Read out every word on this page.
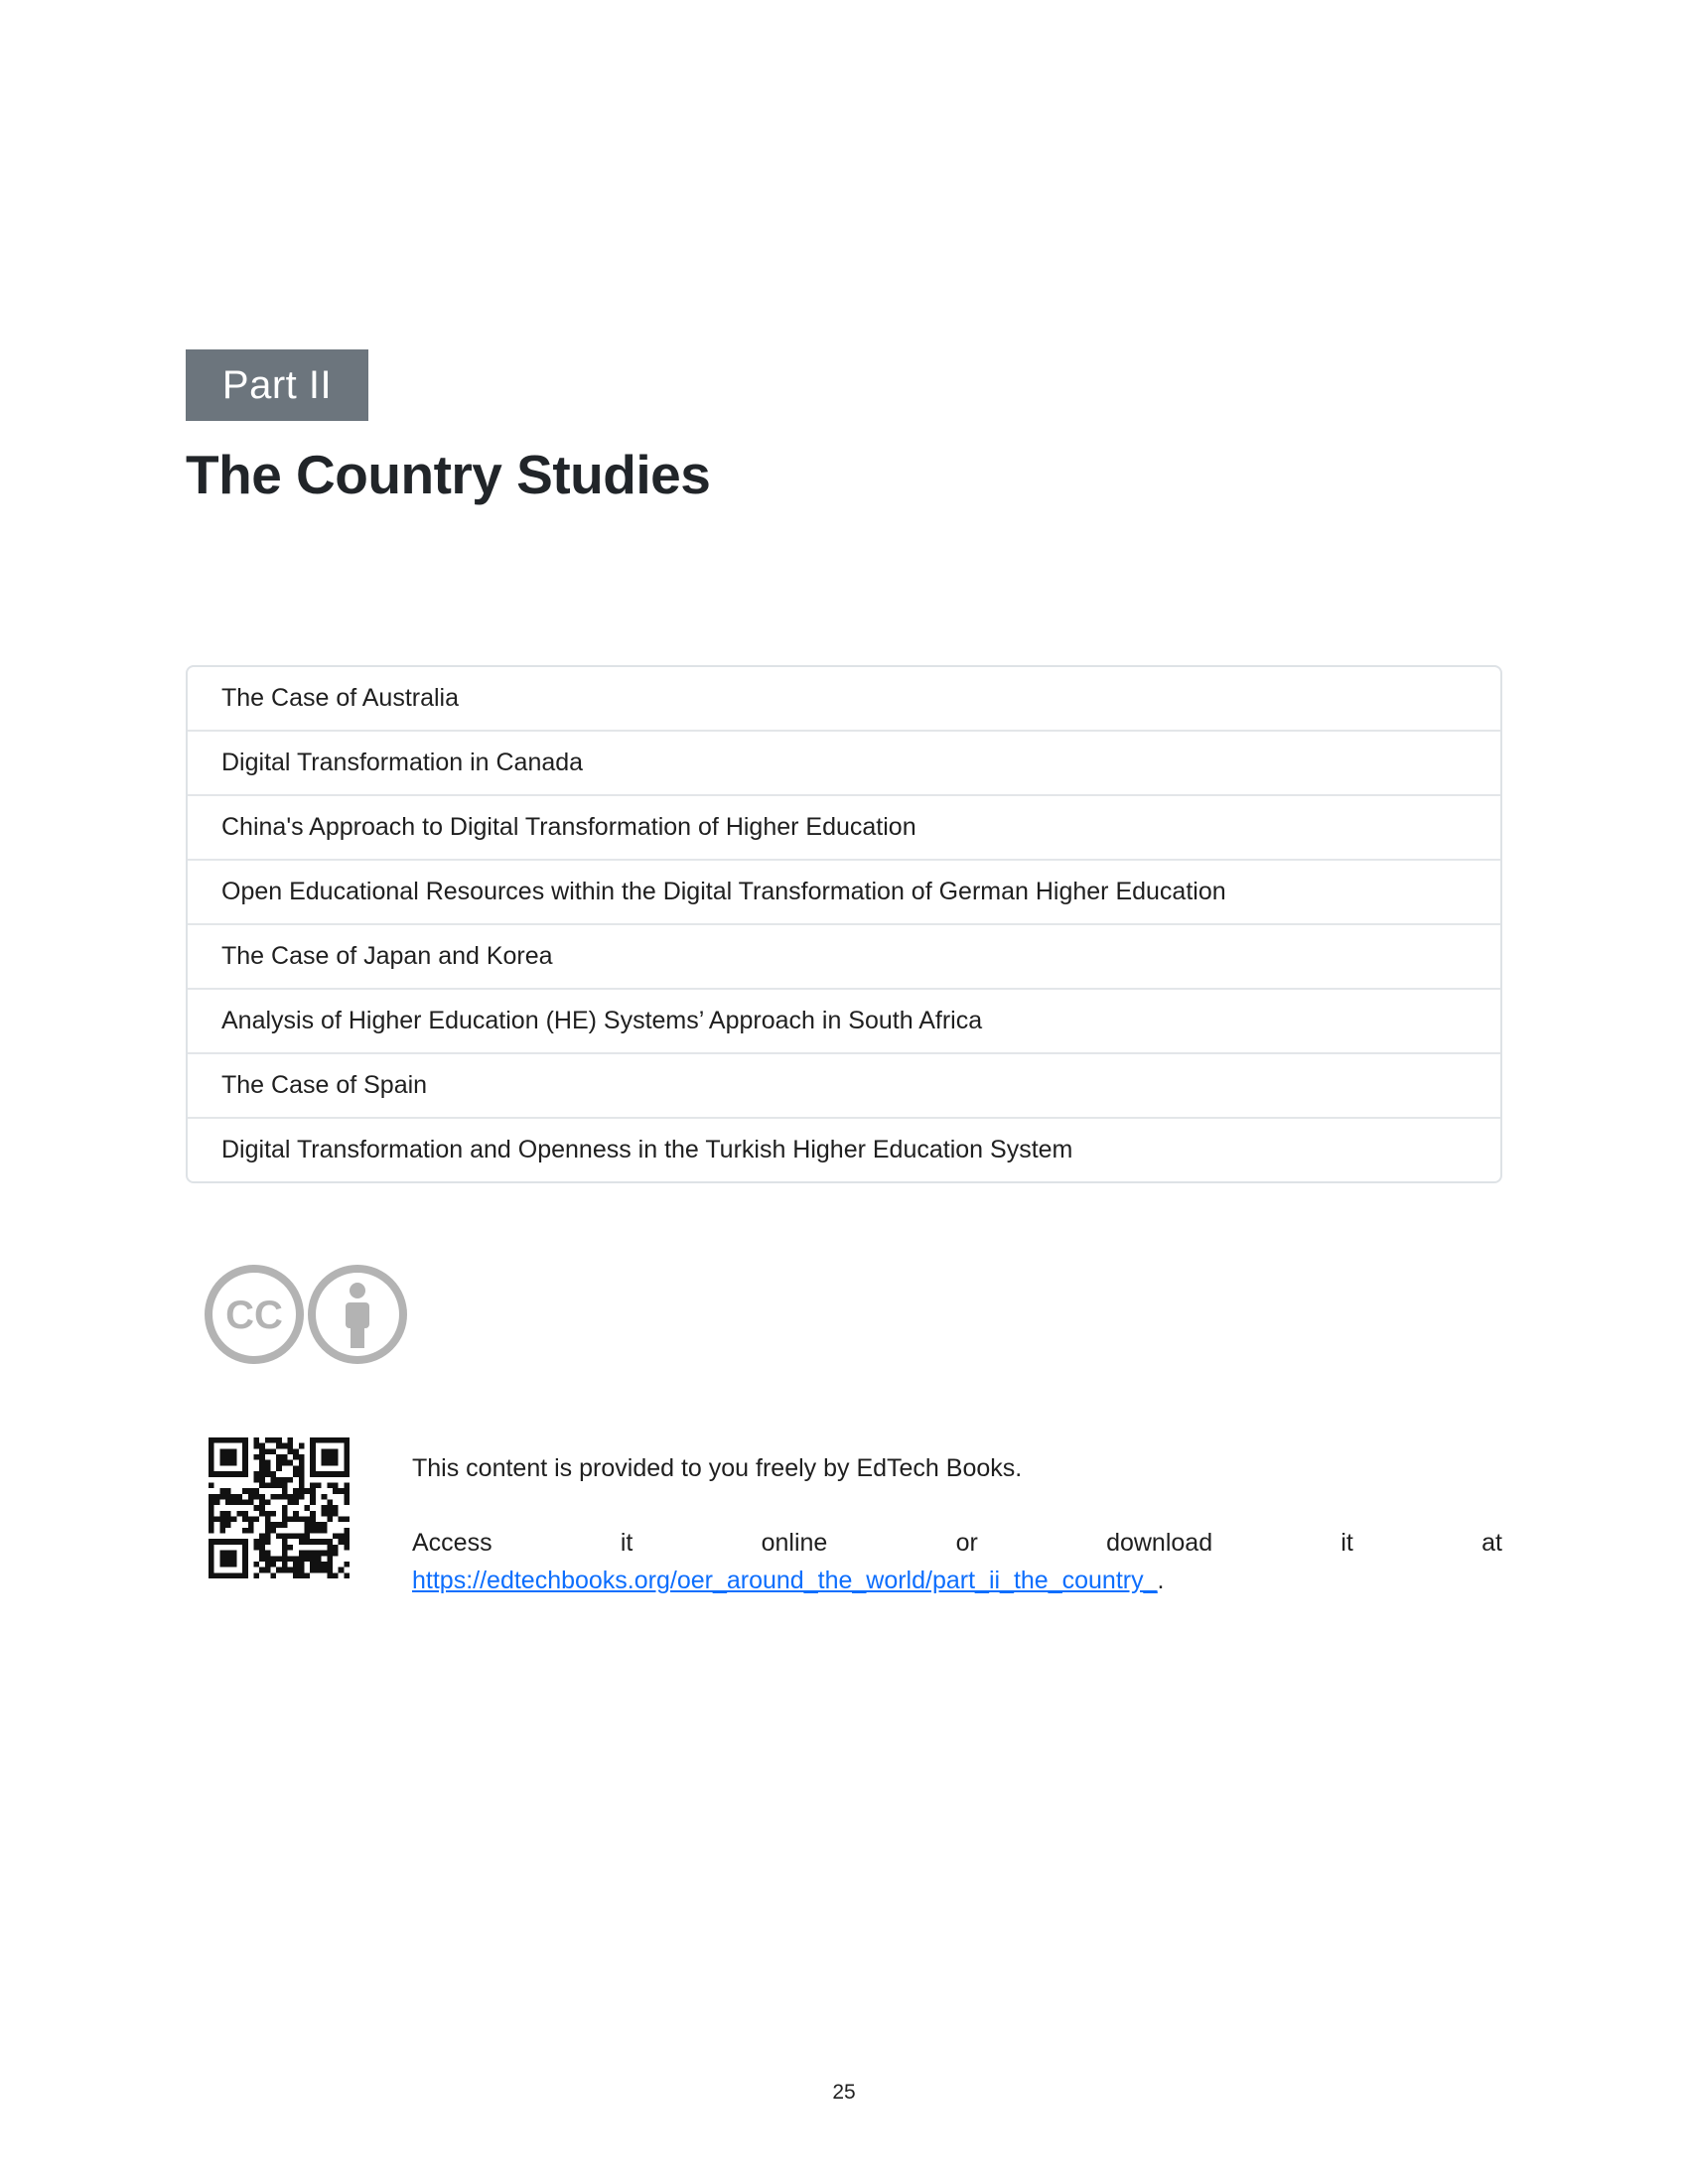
Part II
The Country Studies
The Case of Australia
Digital Transformation in Canada
China's Approach to Digital Transformation of Higher Education
Open Educational Resources within the Digital Transformation of German Higher Education
The Case of Japan and Korea
Analysis of Higher Education (HE) Systems’ Approach in South Africa
The Case of Spain
Digital Transformation and Openness in the Turkish Higher Education System
CC

This content is provided to you freely by EdTech Books.

Access	it	online	or	download	it	at

https://edtechbooks.org/oer_around_the_world/part_ii_the_country_.

25
